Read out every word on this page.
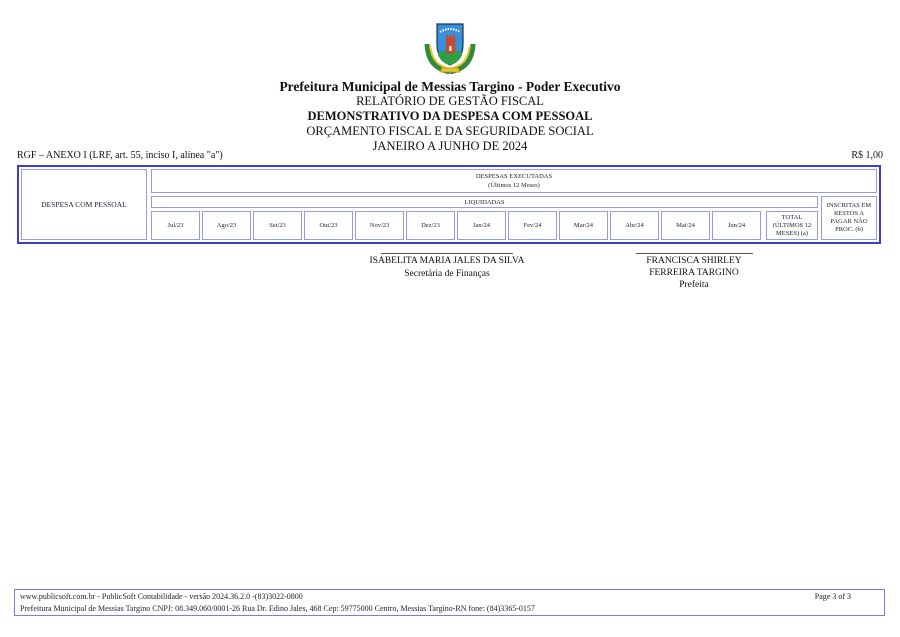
Prefeitura Municipal de Messias Targino - Poder Executivo
RELATÓRIO DE GESTÃO FISCAL
DEMONSTRATIVO DA DESPESA COM PESSOAL
ORÇAMENTO FISCAL E DA SEGURIDADE SOCIAL
JANEIRO A JUNHO DE 2024
RGF – ANEXO I (LRF, art. 55, inciso I, alínea "a")	R$ 1,00
DESPESA COM PESSOAL
DESPESAS EXECUTADAS
(Últimos 12 Meses)
LIQUIDADAS
Jul/23	Ago/23	Set/23	Out/23	Nov/23	Dez/23	Jan/24	Fev/24	Mar/24	Abr/24	Mai/24	Jun/24
TOTAL (ÚLTIMOS 12 MESES) (a)
INSCRITAS EM RESTOS A PAGAR NÃO PROC. (b)
ISABELITA MARIA JALES DA SILVA
Secretária de Finanças
FRANCISCA SHIRLEY FERREIRA TARGINO
Prefeita
www.publicsoft.com.br - PublicSoft Contabilidade - versão 2024.36.2.0 -(83)3022-0800	Page 3 of 3
Prefeitura Municipal de Messias Targino CNPJ: 08.349.060/0001-26 Rua Dr. Edino Jales, 468 Cep: 59775000 Centro, Messias Targino-RN fone: (84)3365-0157
